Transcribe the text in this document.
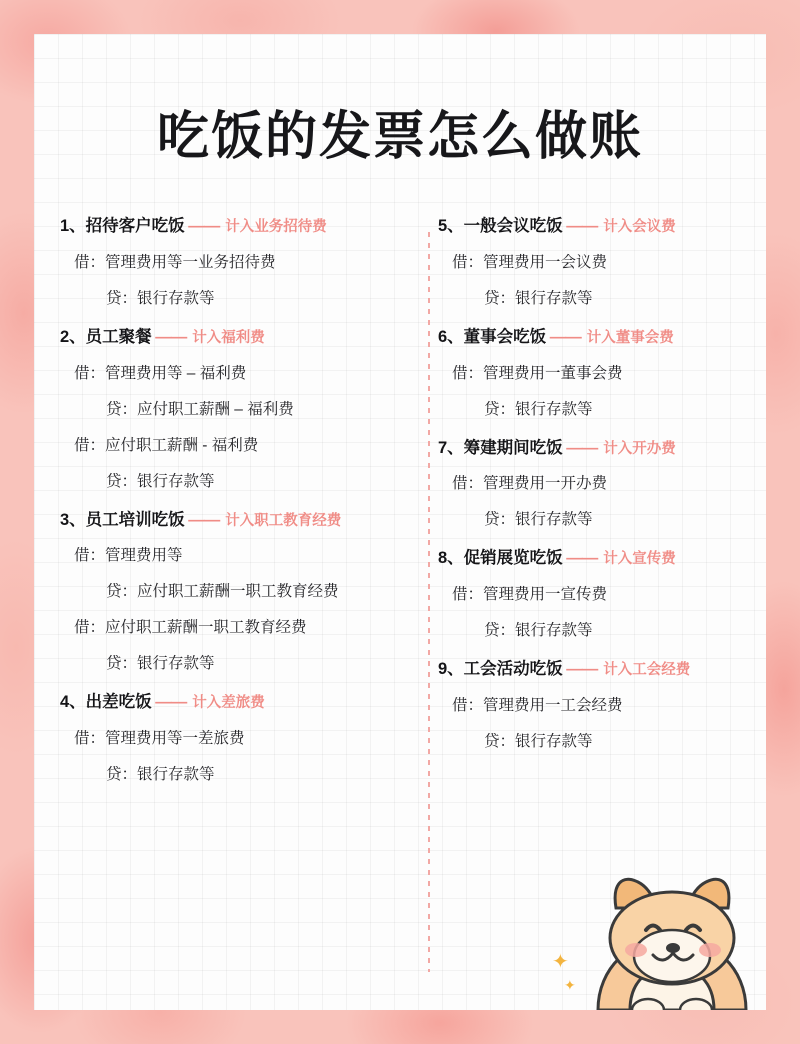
吃饭的发票怎么做账
1、招待客户吃饭 —— 计入业务招待费
借：管理费用等一业务招待费
贷：银行存款等
2、员工聚餐 —— 计入福利费
借：管理费用等 – 福利费
贷：应付职工薪酬 – 福利费
借：应付职工薪酬 - 福利费
贷：银行存款等
3、员工培训吃饭 —— 计入职工教育经费
借：管理费用等
贷：应付职工薪酬一职工教育经费
借：应付职工薪酬一职工教育经费
贷：银行存款等
4、出差吃饭 —— 计入差旅费
借：管理费用等一差旅费
贷：银行存款等
5、一般会议吃饭 —— 计入会议费
借：管理费用一会议费
贷：银行存款等
6、董事会吃饭 —— 计入董事会费
借：管理费用一董事会费
贷：银行存款等
7、筹建期间吃饭 —— 计入开办费
借：管理费用一开办费
贷：银行存款等
8、促销展览吃饭 —— 计入宣传费
借：管理费用一宣传费
贷：银行存款等
9、工会活动吃饭 —— 计入工会经费
借：管理费用一工会经费
贷：银行存款等
✦
✦
